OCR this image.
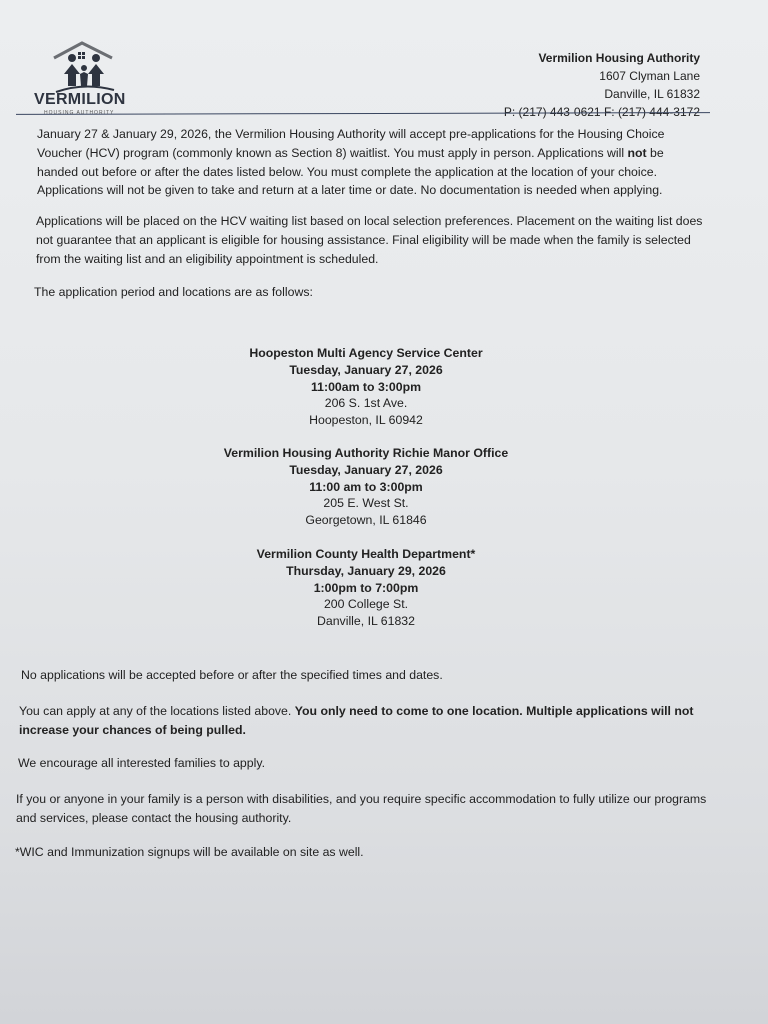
VERMILION
HOUSING AUTHORITY
Vermilion Housing Authority
1607 Clyman Lane
Danville, IL 61832
P: (217) 443-0621 F: (217) 444-3172

January 27 & January 29, 2026, the Vermilion Housing Authority will accept pre-applications for the Housing Choice Voucher (HCV) program (commonly known as Section 8) waitlist. You must apply in person. Applications will not be handed out before or after the dates listed below. You must complete the application at the location of your choice. Applications will not be given to take and return at a later time or date. No documentation is needed when applying.

Applications will be placed on the HCV waiting list based on local selection preferences. Placement on the waiting list does not guarantee that an applicant is eligible for housing assistance. Final eligibility will be made when the family is selected from the waiting list and an eligibility appointment is scheduled.

The application period and locations are as follows:

Hoopeston Multi Agency Service Center
Tuesday, January 27, 2026
11:00am to 3:00pm
206 S. 1st Ave.
Hoopeston, IL 60942
Vermilion Housing Authority Richie Manor Office
Tuesday, January 27, 2026
11:00 am to 3:00pm
205 E. West St.
Georgetown, IL 61846
Vermilion County Health Department*
Thursday, January 29, 2026
1:00pm to 7:00pm
200 College St.
Danville, IL 61832

No applications will be accepted before or after the specified times and dates.

You can apply at any of the locations listed above. You only need to come to one location. Multiple applications will not increase your chances of being pulled.

We encourage all interested families to apply.

If you or anyone in your family is a person with disabilities, and you require specific accommodation to fully utilize our programs and services, please contact the housing authority.

*WIC and Immunization signups will be available on site as well.
